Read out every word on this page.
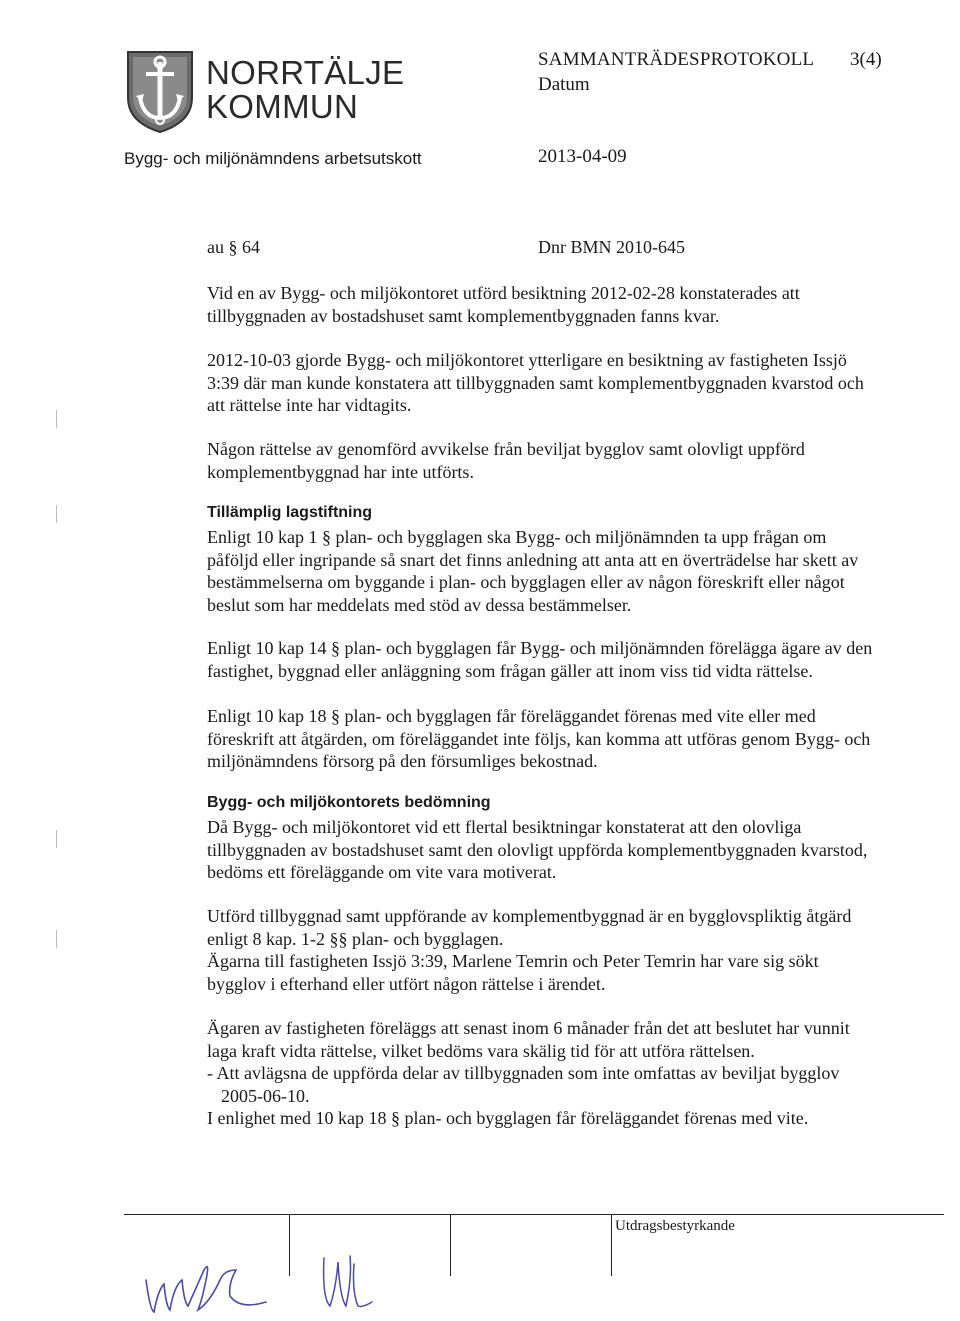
NORRTÄLJE
KOMMUN
SAMMANTRÄDESPROTOKOLL 3(4)
Datum
Bygg- och miljönämndens arbetsutskott	2013-04-09
au § 64	Dnr BMN 2010-645
Vid en av Bygg- och miljökontoret utförd besiktning 2012-02-28 konstaterades att
tillbyggnaden av bostadshuset samt komplementbyggnaden fanns kvar.
2012-10-03 gjorde Bygg- och miljökontoret ytterligare en besiktning av fastigheten Issjö
3:39 där man kunde konstatera att tillbyggnaden samt komplementbyggnaden kvarstod och
att rättelse inte har vidtagits.
Någon rättelse av genomförd avvikelse från beviljat bygglov samt olovligt uppförd
komplementbyggnad har inte utförts.
Tillämplig lagstiftning
Enligt 10 kap 1 § plan- och bygglagen ska Bygg- och miljönämnden ta upp frågan om
påföljd eller ingripande så snart det finns anledning att anta att en överträdelse har skett av
bestämmelserna om byggande i plan- och bygglagen eller av någon föreskrift eller något
beslut som har meddelats med stöd av dessa bestämmelser.
Enligt 10 kap 14 § plan- och bygglagen får Bygg- och miljönämnden förelägga ägare av den
fastighet, byggnad eller anläggning som frågan gäller att inom viss tid vidta rättelse.
Enligt 10 kap 18 § plan- och bygglagen får föreläggandet förenas med vite eller med
föreskrift att åtgärden, om föreläggandet inte följs, kan komma att utföras genom Bygg- och
miljönämndens försorg på den försumliges bekostnad.
Bygg- och miljökontorets bedömning
Då Bygg- och miljökontoret vid ett flertal besiktningar konstaterat att den olovliga
tillbyggnaden av bostadshuset samt den olovligt uppförda komplementbyggnaden kvarstod,
bedöms ett föreläggande om vite vara motiverat.
Utförd tillbyggnad samt uppförande av komplementbyggnad är en bygglovspliktig åtgärd
enligt 8 kap. 1-2 §§ plan- och bygglagen.
Ägarna till fastigheten Issjö 3:39, Marlene Temrin och Peter Temrin har vare sig sökt
bygglov i efterhand eller utfört någon rättelse i ärendet.
Ägaren av fastigheten föreläggs att senast inom 6 månader från det att beslutet har vunnit
laga kraft vidta rättelse, vilket bedöms vara skälig tid för att utföra rättelsen.
- Att avlägsna de uppförda delar av tillbyggnaden som inte omfattas av beviljat bygglov
2005-06-10.
I enlighet med 10 kap 18 § plan- och bygglagen får föreläggandet förenas med vite.
Utdragsbestyrkande
